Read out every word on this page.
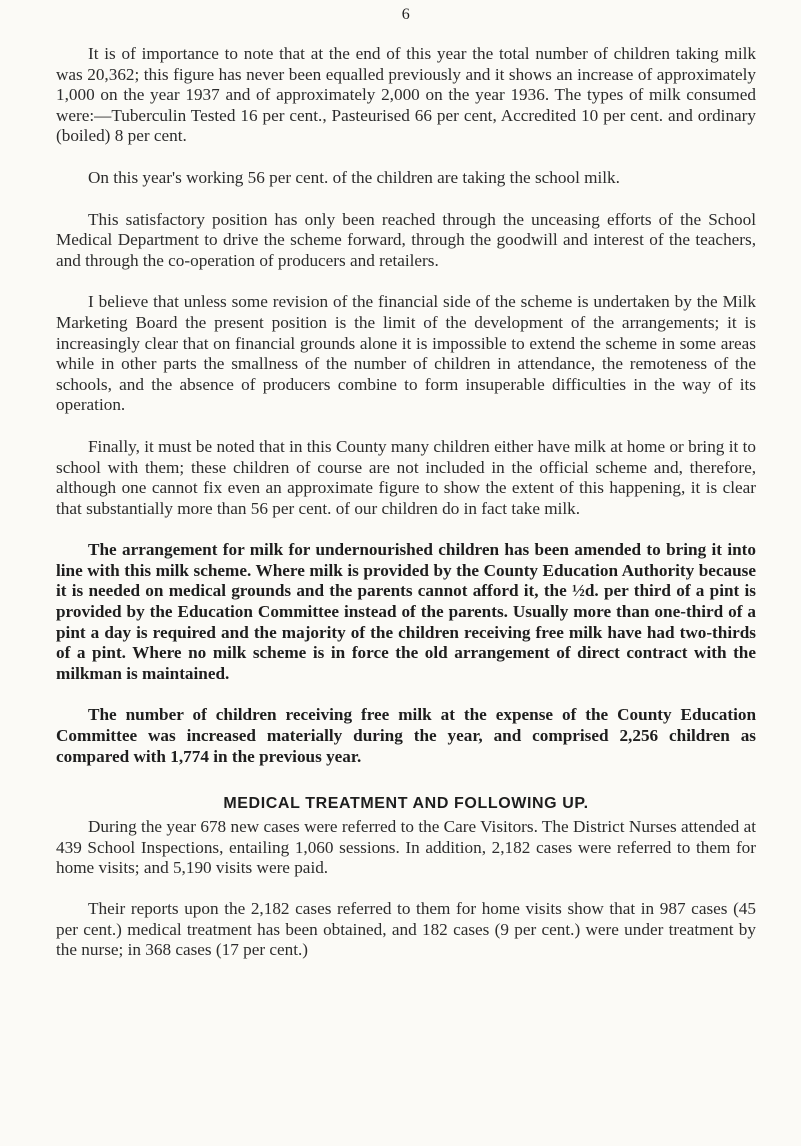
6

It is of importance to note that at the end of this year the total number of children taking milk was 20,362; this figure has never been equalled previously and it shows an increase of approximately 1,000 on the year 1937 and of approximately 2,000 on the year 1936. The types of milk consumed were:—Tuberculin Tested 16 per cent., Pasteurised 66 per cent, Accredited 10 per cent. and ordinary (boiled) 8 per cent.

On this year's working 56 per cent. of the children are taking the school milk.

This satisfactory position has only been reached through the unceasing efforts of the School Medical Department to drive the scheme forward, through the goodwill and interest of the teachers, and through the co-operation of producers and retailers.

I believe that unless some revision of the financial side of the scheme is undertaken by the Milk Marketing Board the present position is the limit of the development of the arrangements; it is increasingly clear that on financial grounds alone it is impossible to extend the scheme in some areas while in other parts the smallness of the number of children in attendance, the remoteness of the schools, and the absence of producers combine to form insuperable difficulties in the way of its operation.

Finally, it must be noted that in this County many children either have milk at home or bring it to school with them; these children of course are not included in the official scheme and, therefore, although one cannot fix even an approximate figure to show the extent of this happening, it is clear that substantially more than 56 per cent. of our children do in fact take milk.

The arrangement for milk for undernourished children has been amended to bring it into line with this milk scheme. Where milk is provided by the County Education Authority because it is needed on medical grounds and the parents cannot afford it, the ½d. per third of a pint is provided by the Education Committee instead of the parents. Usually more than one-third of a pint a day is required and the majority of the children receiving free milk have had two-thirds of a pint. Where no milk scheme is in force the old arrangement of direct contract with the milkman is maintained.

The number of children receiving free milk at the expense of the County Education Committee was increased materially during the year, and comprised 2,256 children as compared with 1,774 in the previous year.

MEDICAL TREATMENT AND FOLLOWING UP.

During the year 678 new cases were referred to the Care Visitors. The District Nurses attended at 439 School Inspections, entailing 1,060 sessions. In addition, 2,182 cases were referred to them for home visits; and 5,190 visits were paid.

Their reports upon the 2,182 cases referred to them for home visits show that in 987 cases (45 per cent.) medical treatment has been obtained, and 182 cases (9 per cent.) were under treatment by the nurse; in 368 cases (17 per cent.)
